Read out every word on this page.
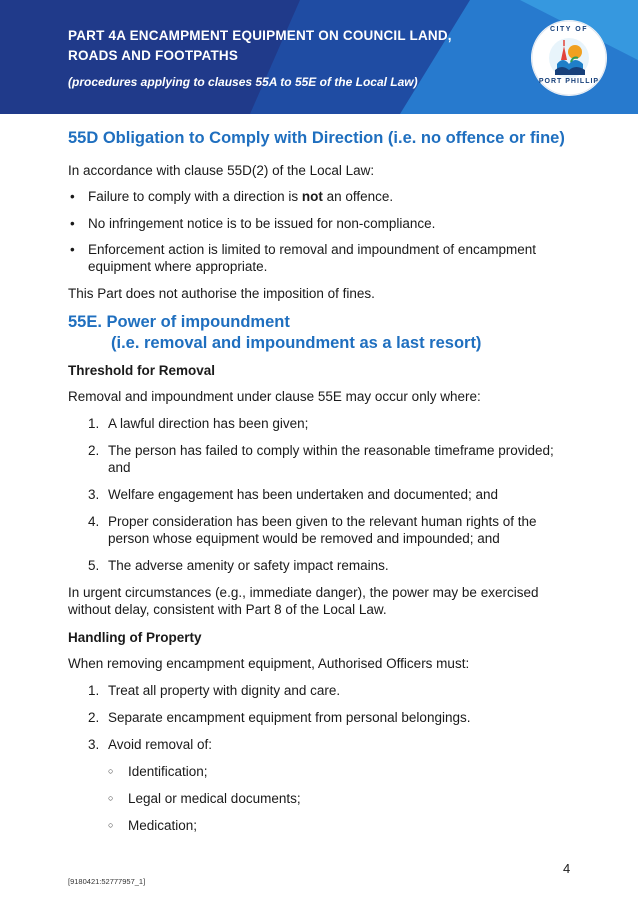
PART 4A ENCAMPMENT EQUIPMENT ON COUNCIL LAND,
ROADS AND FOOTPATHS
(procedures applying to clauses 55A to 55E of the Local Law)
CITY OF
PORT PHILLIP
55D Obligation to Comply with Direction (i.e. no offence or fine)

In accordance with clause 55D(2) of the Local Law:

• Failure to comply with a direction is not an offence.

• No infringement notice is to be issued for non-compliance.

• Enforcement action is limited to removal and impoundment of encampment

equipment where appropriate.

This Part does not authorise the imposition of fines.

55E. Power of impoundment
(i.e. removal and impoundment as a last resort)

Threshold for Removal

Removal and impoundment under clause 55E may occur only where:

1. A lawful direction has been given;

2. The person has failed to comply within the reasonable timeframe provided;

and

3. Welfare engagement has been undertaken and documented; and

4. Proper consideration has been given to the relevant human rights of the

person whose equipment would be removed and impounded; and

5. The adverse amenity or safety impact remains.

In urgent circumstances (e.g., immediate danger), the power may be exercised

without delay, consistent with Part 8 of the Local Law.

Handling of Property

When removing encampment equipment, Authorised Officers must:

1. Treat all property with dignity and care.

2. Separate encampment equipment from personal belongings.

3. Avoid removal of:

○ Identification;

○ Legal or medical documents;

○ Medication;

4
[9180421:52777957_1]
